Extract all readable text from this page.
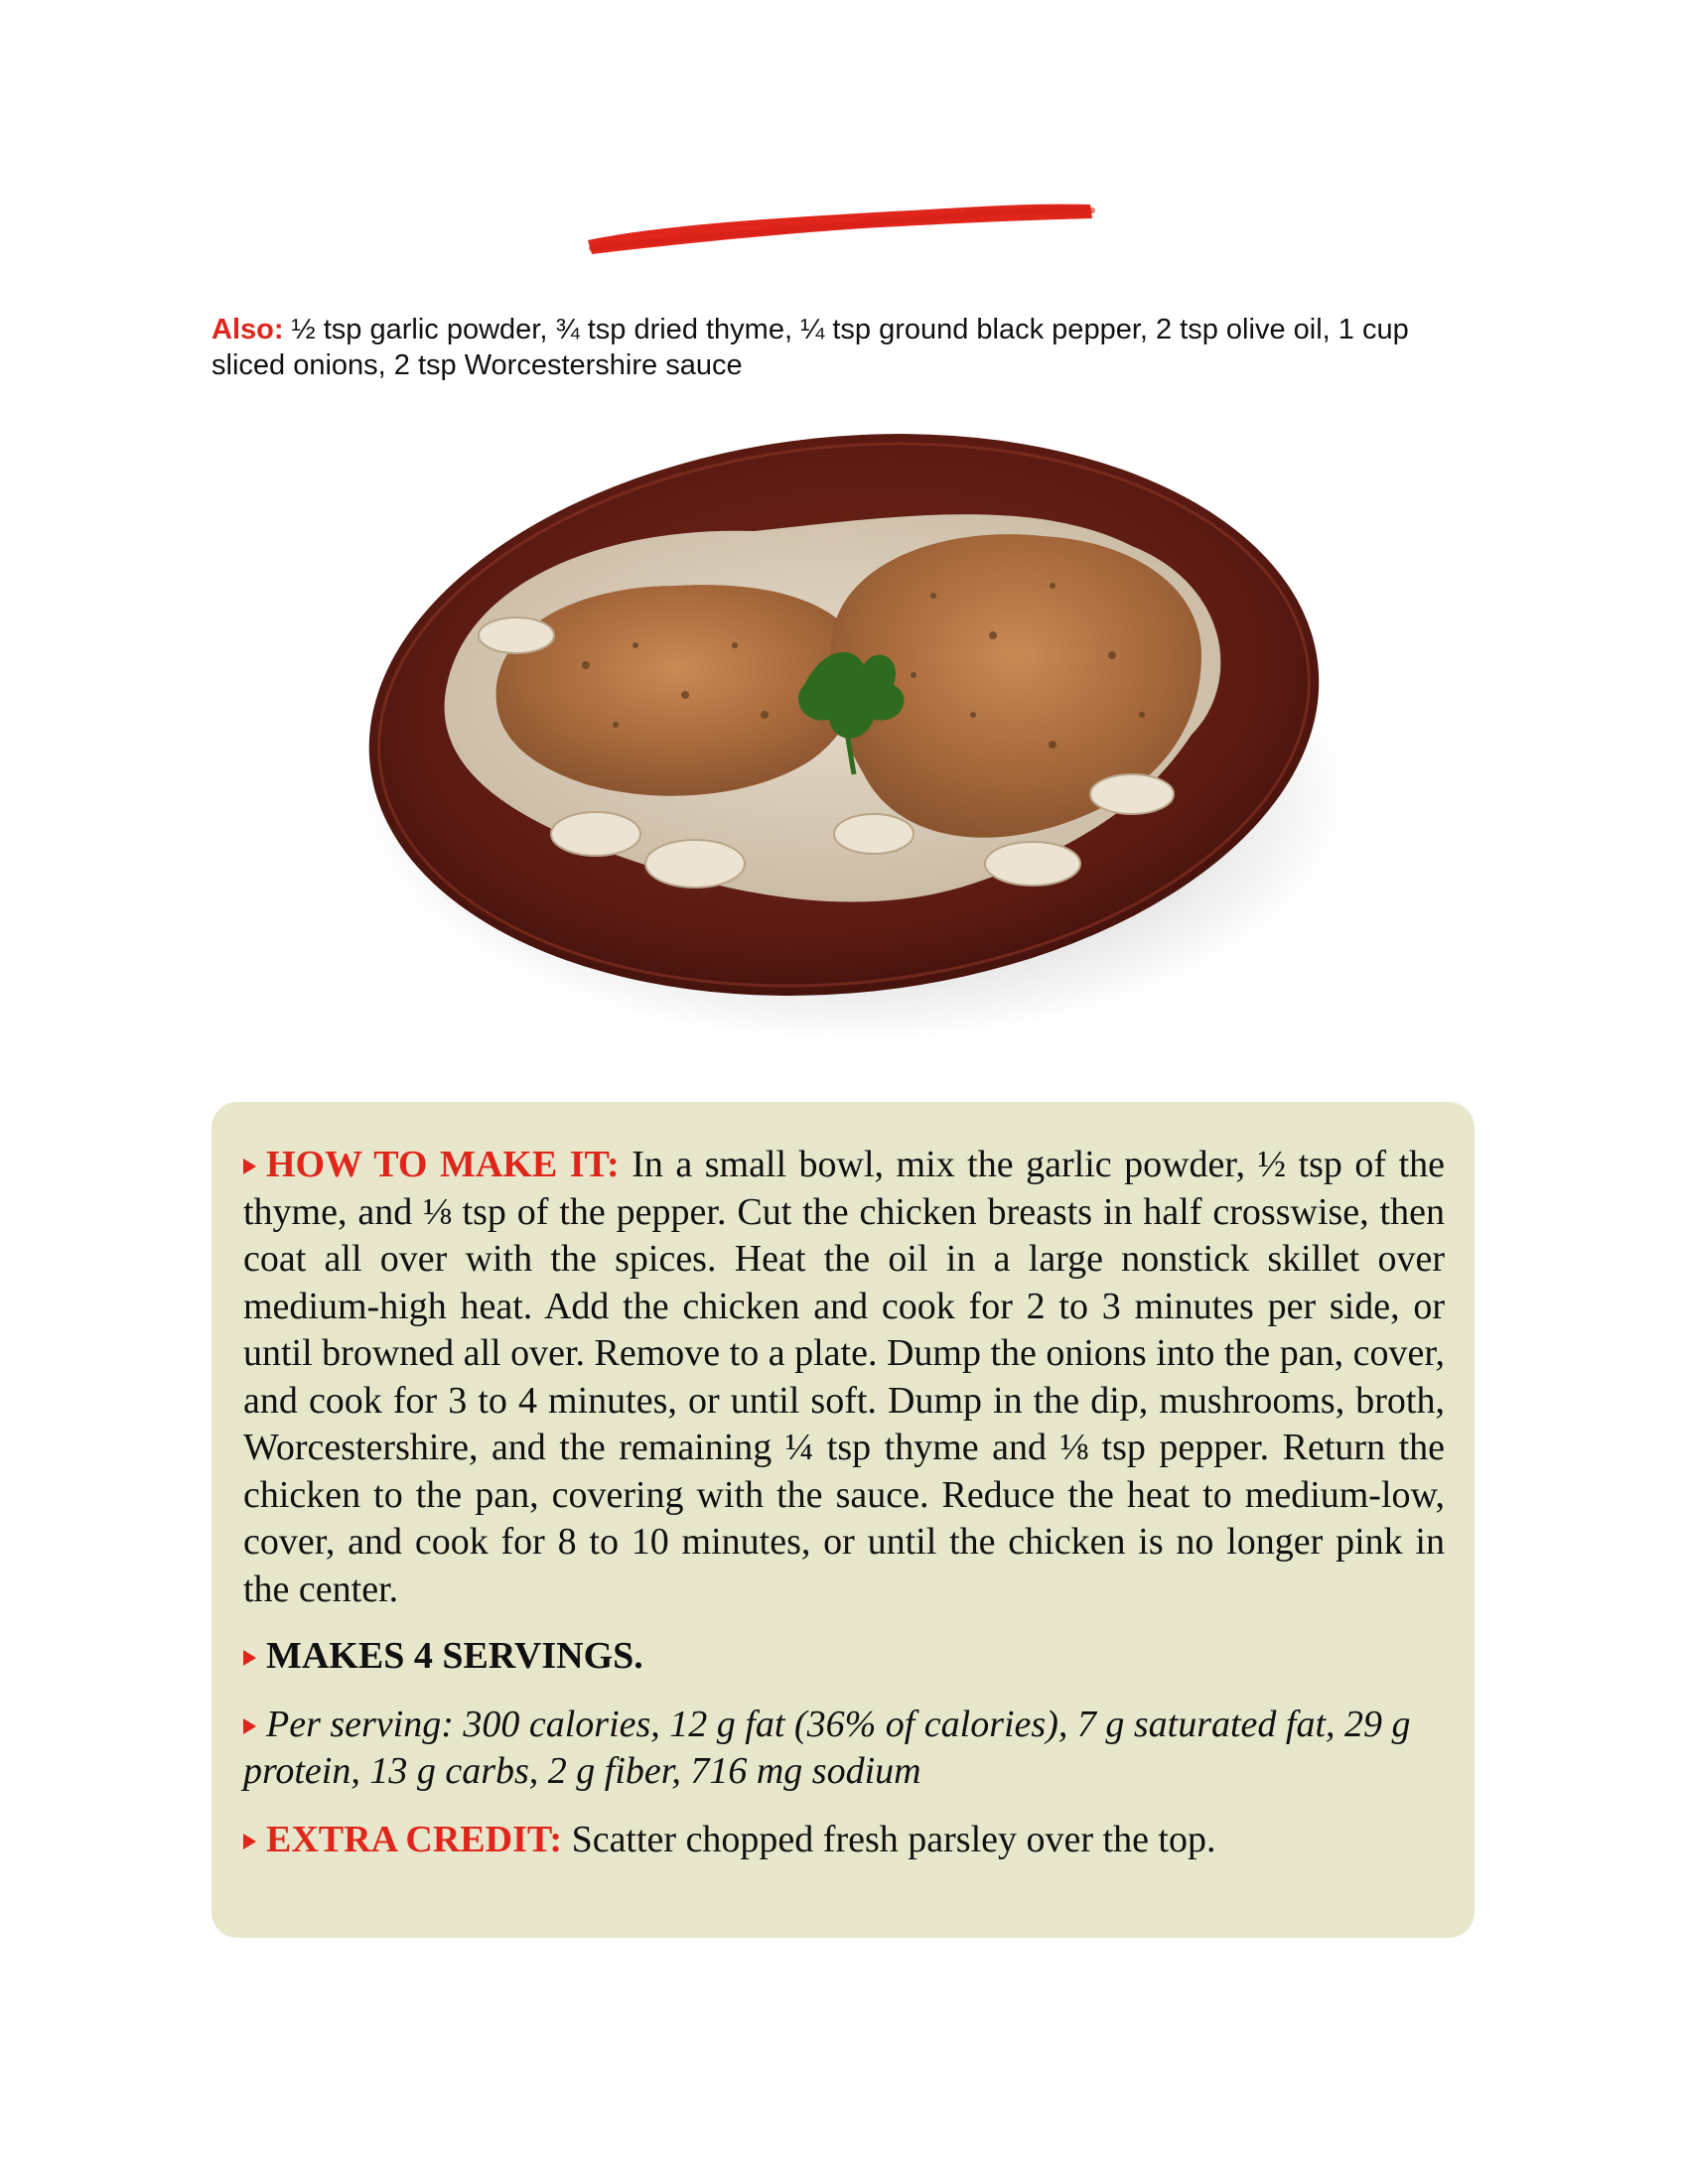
Also: ½ tsp garlic powder, ¾ tsp dried thyme, ¼ tsp ground black pepper, 2 tsp olive oil, 1 cup sliced onions, 2 tsp Worcestershire sauce

HOW TO MAKE IT: In a small bowl, mix the garlic powder, ½ tsp of the thyme, and ⅛ tsp of the pepper. Cut the chicken breasts in half crosswise, then coat all over with the spices. Heat the oil in a large nonstick skillet over medium-high heat. Add the chicken and cook for 2 to 3 minutes per side, or until browned all over. Remove to a plate. Dump the onions into the pan, cover, and cook for 3 to 4 minutes, or until soft. Dump in the dip, mushrooms, broth, Worcestershire, and the remaining ¼ tsp thyme and ⅛ tsp pepper. Return the chicken to the pan, covering with the sauce. Reduce the heat to medium-low, cover, and cook for 8 to 10 minutes, or until the chicken is no longer pink in the center.

MAKES 4 SERVINGS.

Per serving: 300 calories, 12 g fat (36% of calories), 7 g saturated fat, 29 g protein, 13 g carbs, 2 g fiber, 716 mg sodium

EXTRA CREDIT: Scatter chopped fresh parsley over the top.
